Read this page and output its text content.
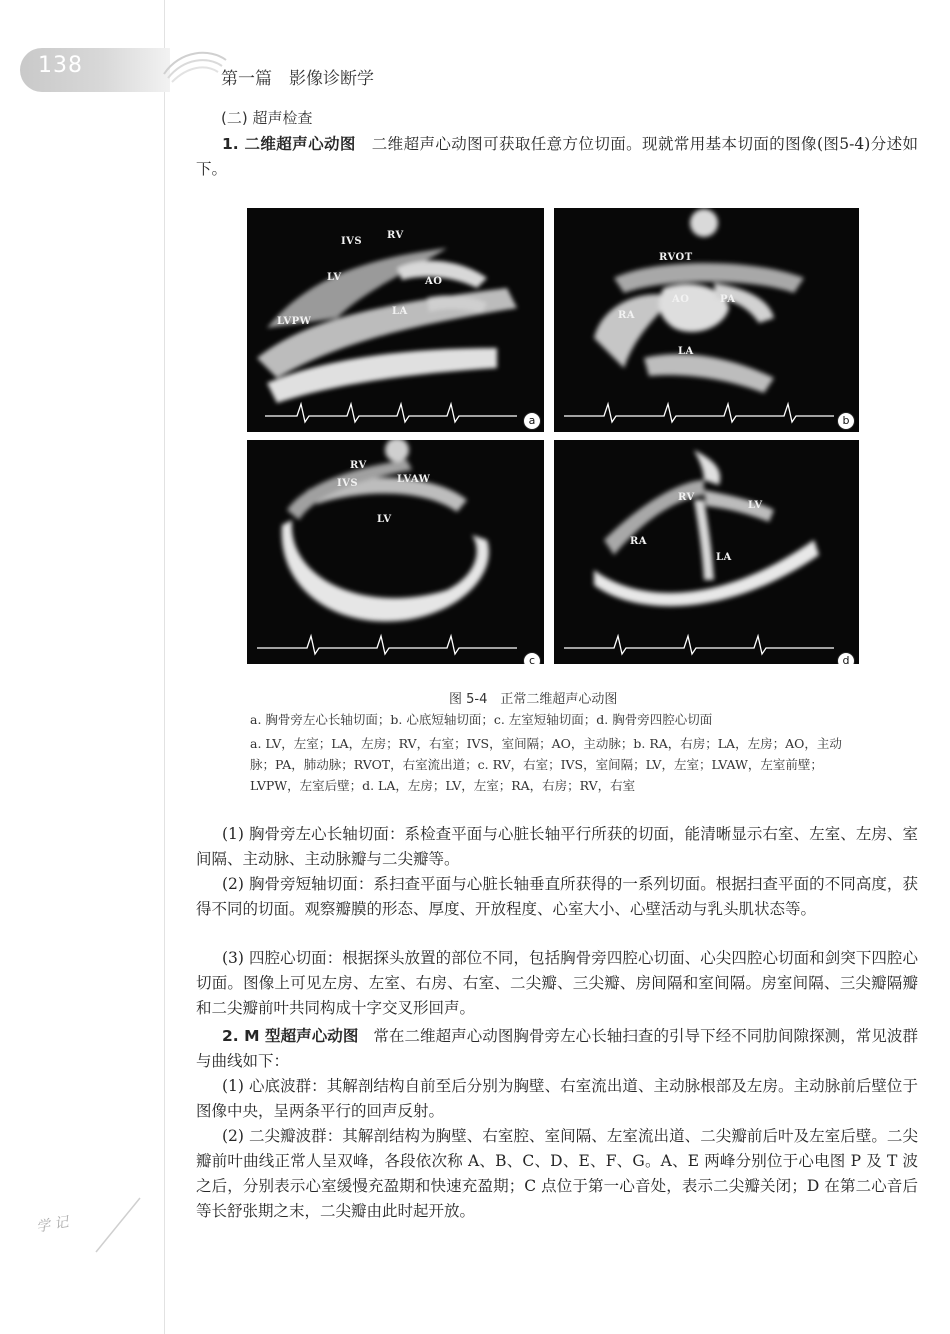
138
第一篇　影像诊断学
(二) 超声检查

1. 二维超声心动图 二维超声心动图可获取任意方位切面。现就常用基本切面的图像(图5-4)分述如下。

IVS
RV
LV	AO
LA
LVPW
a
RVOT
AO	PA
RA
LA
b
RV
IVS	LVAW
LV
c
RV
LV
RA
LA
d
图 5-4　正常二维超声心动图
a. 胸骨旁左心长轴切面；b. 心底短轴切面；c. 左室短轴切面；d. 胸骨旁四腔心切面
a. LV，左室；LA，左房；RV，右室；IVS，室间隔；AO，主动脉；b. RA，右房；LA，左房；AO，主动
脉；PA，肺动脉；RVOT，右室流出道；c. RV，右室；IVS，室间隔；LV，左室；LVAW，左室前壁；
LVPW，左室后壁；d. LA，左房；LV，左室；RA，右房；RV，右室

(1) 胸骨旁左心长轴切面：系检查平面与心脏长轴平行所获的切面，能清晰显示右室、左室、左房、室间隔、主动脉、主动脉瓣与二尖瓣等。

(2) 胸骨旁短轴切面：系扫查平面与心脏长轴垂直所获得的一系列切面。根据扫查平面的不同高度，获得不同的切面。观察瓣膜的形态、厚度、开放程度、心室大小、心壁活动与乳头肌状态等。

(3) 四腔心切面：根据探头放置的部位不同，包括胸骨旁四腔心切面、心尖四腔心切面和剑突下四腔心切面。图像上可见左房、左室、右房、右室、二尖瓣、三尖瓣、房间隔和室间隔。房室间隔、三尖瓣隔瓣和二尖瓣前叶共同构成十字交叉形回声。

2. M 型超声心动图 常在二维超声心动图胸骨旁左心长轴扫查的引导下经不同肋间隙探测，常见波群与曲线如下：

(1) 心底波群：其解剖结构自前至后分别为胸壁、右室流出道、主动脉根部及左房。主动脉前后壁位于图像中央，呈两条平行的回声反射。

(2) 二尖瓣波群：其解剖结构为胸壁、右室腔、室间隔、左室流出道、二尖瓣前后叶及左室后壁。二尖瓣前叶曲线正常人呈双峰，各段依次称 A、B、C、D、E、F、G。A、E 两峰分别位于心电图 P 及 T 波之后，分别表示心室缓慢充盈期和快速充盈期；C 点位于第一心音处，表示二尖瓣关闭；D 在第二心音后等长舒张期之末，二尖瓣由此时起开放。

学 记
